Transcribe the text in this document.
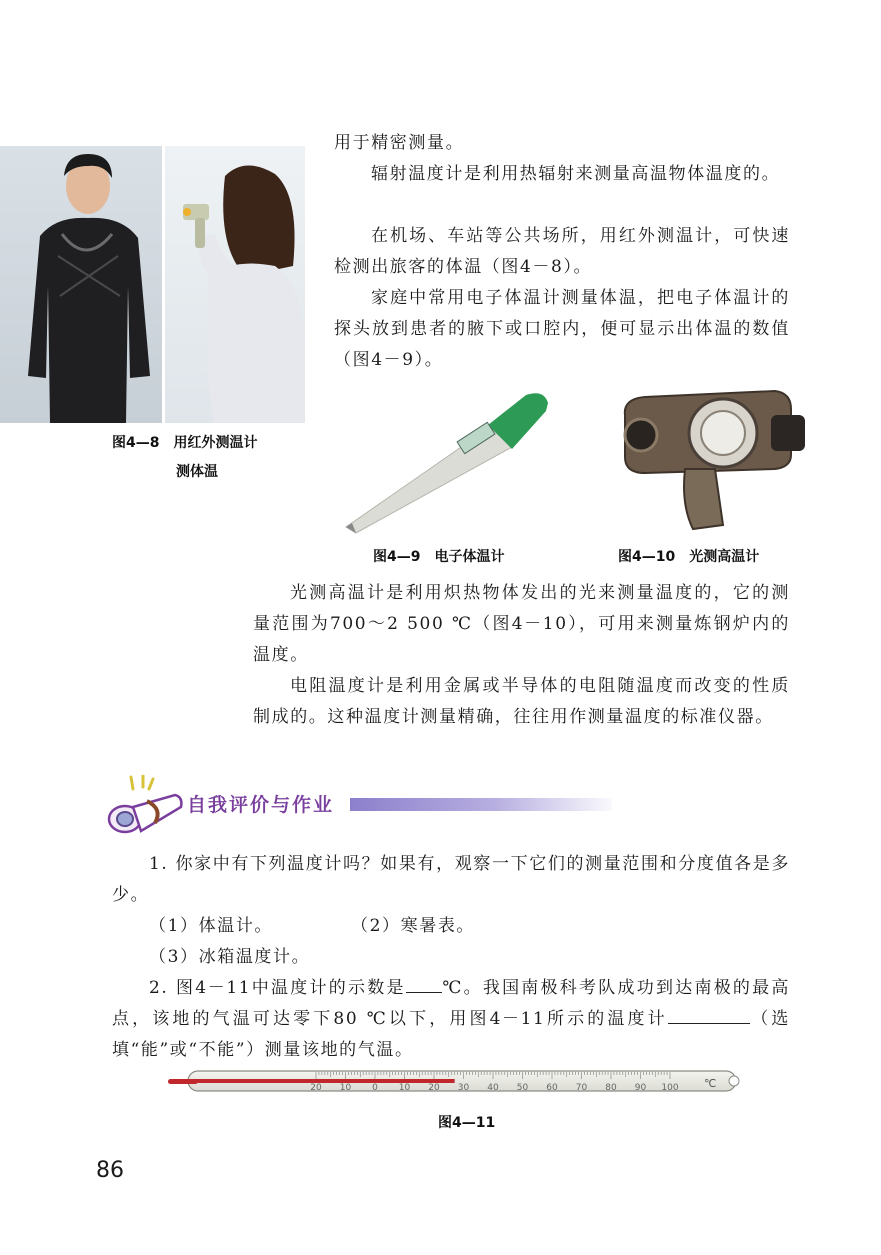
图4—8 用红外测温计
测体温

用于精密测量。

辐射温度计是利用热辐射来测量高温物体温度的。

在机场、车站等公共场所，用红外测温计，可快速检测出旅客的体温（图4－8）。

家庭中常用电子体温计测量体温，把电子体温计的探头放到患者的腋下或口腔内，便可显示出体温的数值（图4－9）。

图4—9 电子体温计	图4—10 光测高温计

光测高温计是利用炽热物体发出的光来测量温度的，它的测量范围为700～2 500 ℃（图4－10），可用来测量炼钢炉内的温度。

电阻温度计是利用金属或半导体的电阻随温度而改变的性质制成的。这种温度计测量精确，往往用作测量温度的标准仪器。

自我评价与作业

1. 你家中有下列温度计吗？如果有，观察一下它们的测量范围和分度值各是多少。

（1）体温计。	（2）寒暑表。
（3）冰箱温度计。

2. 图4－11中温度计的示数是 ℃。我国南极科考队成功到达南极的最高点，该地的气温可达零下80 ℃以下，用图4－11所示的温度计	（选填“能”或“不能”）测量该地的气温。

20 10 0 10 20 30 40 50 60 70 80 90 100 ℃
图4—11
86
